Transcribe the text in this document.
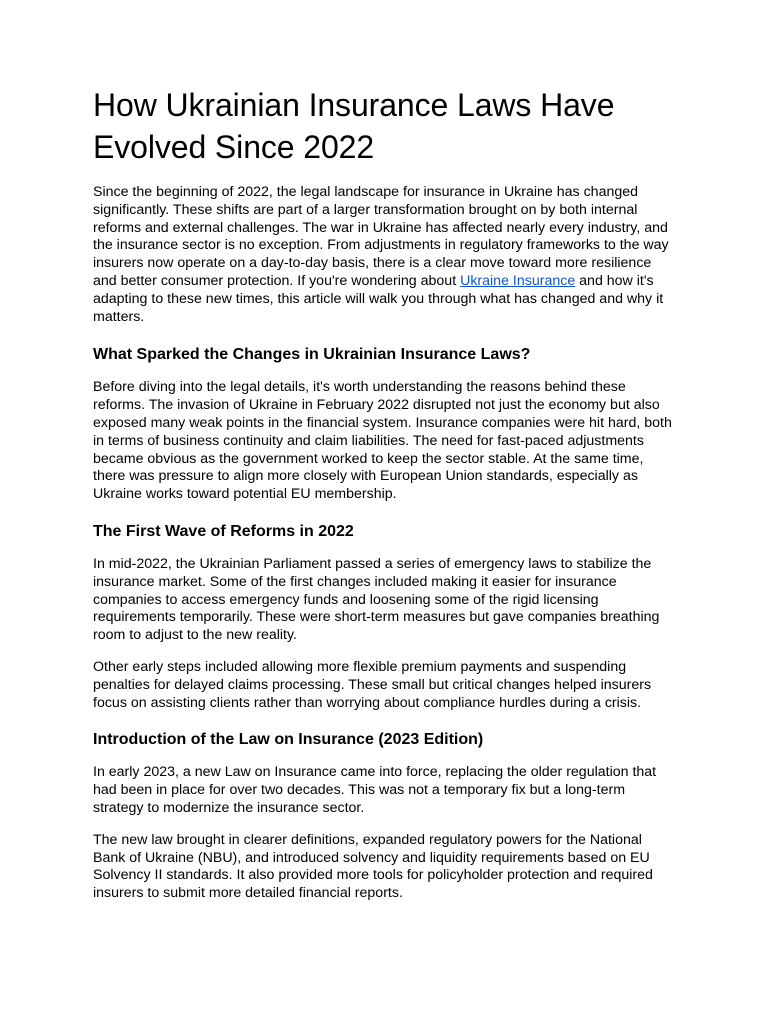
How Ukrainian Insurance Laws Have Evolved Since 2022

Since the beginning of 2022, the legal landscape for insurance in Ukraine has changed significantly. These shifts are part of a larger transformation brought on by both internal reforms and external challenges. The war in Ukraine has affected nearly every industry, and the insurance sector is no exception. From adjustments in regulatory frameworks to the way insurers now operate on a day-to-day basis, there is a clear move toward more resilience and better consumer protection. If you're wondering about Ukraine Insurance and how it's adapting to these new times, this article will walk you through what has changed and why it matters.

What Sparked the Changes in Ukrainian Insurance Laws?

Before diving into the legal details, it's worth understanding the reasons behind these reforms. The invasion of Ukraine in February 2022 disrupted not just the economy but also exposed many weak points in the financial system. Insurance companies were hit hard, both in terms of business continuity and claim liabilities. The need for fast-paced adjustments became obvious as the government worked to keep the sector stable. At the same time, there was pressure to align more closely with European Union standards, especially as Ukraine works toward potential EU membership.

The First Wave of Reforms in 2022

In mid-2022, the Ukrainian Parliament passed a series of emergency laws to stabilize the insurance market. Some of the first changes included making it easier for insurance companies to access emergency funds and loosening some of the rigid licensing requirements temporarily. These were short-term measures but gave companies breathing room to adjust to the new reality.

Other early steps included allowing more flexible premium payments and suspending penalties for delayed claims processing. These small but critical changes helped insurers focus on assisting clients rather than worrying about compliance hurdles during a crisis.

Introduction of the Law on Insurance (2023 Edition)

In early 2023, a new Law on Insurance came into force, replacing the older regulation that had been in place for over two decades. This was not a temporary fix but a long-term strategy to modernize the insurance sector.

The new law brought in clearer definitions, expanded regulatory powers for the National Bank of Ukraine (NBU), and introduced solvency and liquidity requirements based on EU Solvency II standards. It also provided more tools for policyholder protection and required insurers to submit more detailed financial reports.
